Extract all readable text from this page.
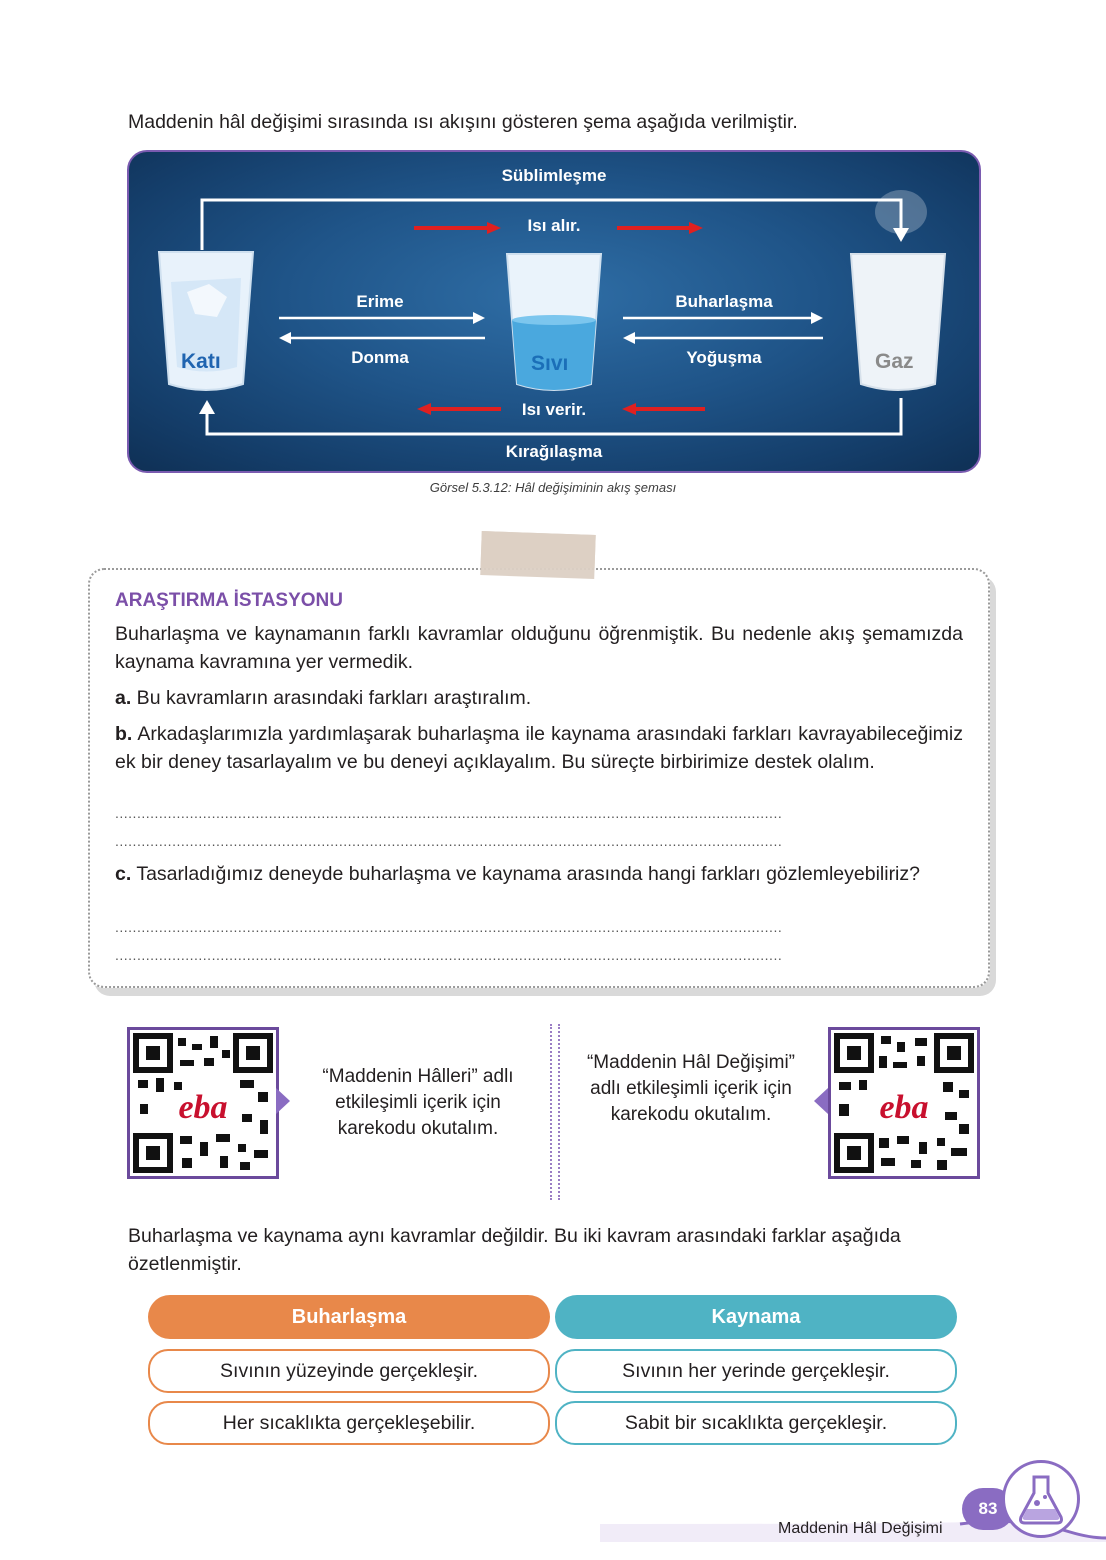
Maddenin hâl değişimi sırasında ısı akışını gösteren şema aşağıda verilmiştir.
Süblimleşme
Isı alır.
Erime
Donma
Buharlaşma
Yoğuşma
Isı verir.
Kırağılaşma
Katı	Sıvı	Gaz
Görsel 5.3.12: Hâl değişiminin akış şeması
ARAŞTIRMA İSTASYONU
Buharlaşma ve kaynamanın farklı kavramlar olduğunu öğrenmiştik. Bu nedenle akış şemamızda kaynama kavramına yer vermedik.
a. Bu kavramların arasındaki farkları araştıralım.
b. Arkadaşlarımızla yardımlaşarak buharlaşma ile kaynama arasındaki farkları kavrayabileceğimiz ek bir deney tasarlayalım ve bu deneyi açıklayalım. Bu süreçte birbirimize destek olalım.
........................................................................................................................................................
........................................................................................................................................................
c. Tasarladığımız deneyde buharlaşma ve kaynama arasında hangi farkları gözlemleyebiliriz?
........................................................................................................................................................
........................................................................................................................................................
eba
“Maddenin Hâlleri” adlı etkileşimli içerik için karekodu okutalım.
“Maddenin Hâl Değişimi” adlı etkileşimli içerik için karekodu okutalım.	eba
Buharlaşma ve kaynama aynı kavramlar değildir. Bu iki kavram arasındaki farklar aşağıda özetlenmiştir.
Buharlaşma	Kaynama
Sıvının yüzeyinde gerçekleşir.	Sıvının her yerinde gerçekleşir.
Her sıcaklıkta gerçekleşebilir.	Sabit bir sıcaklıkta gerçekleşir.
Maddenin Hâl Değişimi
83
